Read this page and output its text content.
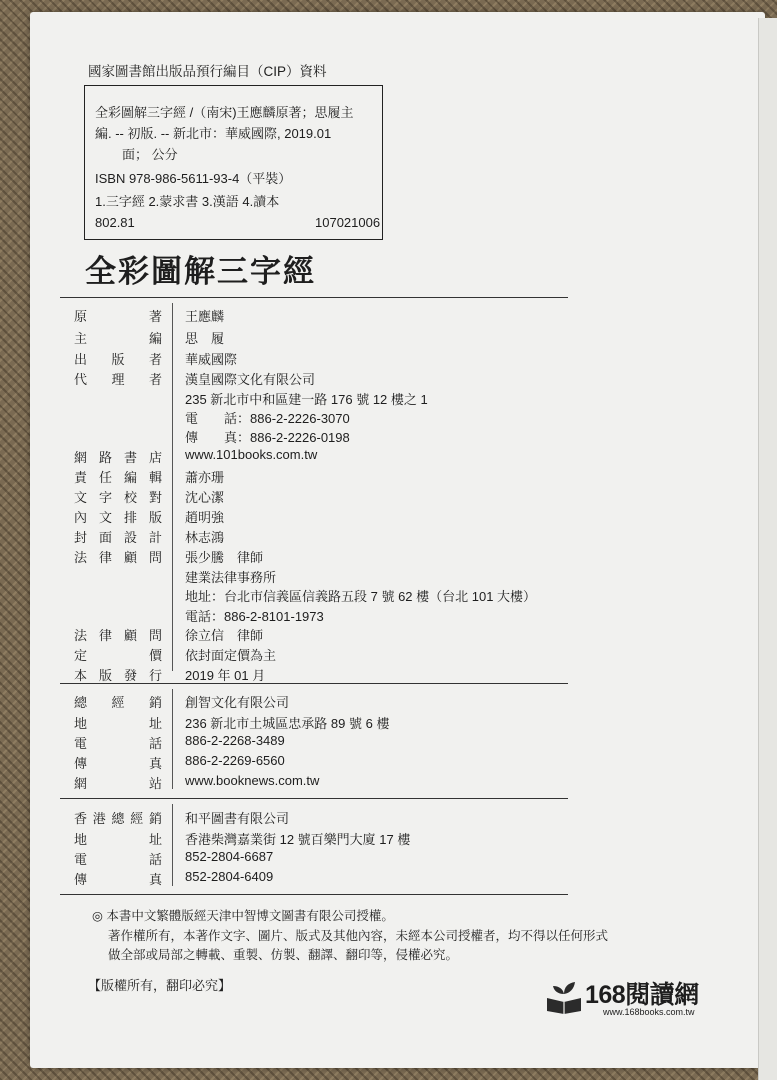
國家圖書館出版品預行編目（CIP）資料
全彩圖解三字經 /（南宋)王應麟原著；思履主
編. -- 初版. -- 新北市：華威國際, 2019.01
面； 公分
ISBN 978-986-5611-93-4（平裝）
1.三字經 2.蒙求書 3.漢語 4.讀本
802.81	107021006
全彩圖解三字經
原　著 王應麟
主　編 思　履
出版者 華威國際
代理者 漢皇國際文化有限公司
235 新北市中和區建一路 176 號 12 樓之 1
電　　話：886-2-2226-3070
傳　　真：886-2-2226-0198
網路書店 www.101books.com.tw
責任編輯 蕭亦珊
文字校對 沈心潔
內文排版 趙明強
封面設計 林志鴻
法律顧問 張少騰　律師
建業法律事務所
地址：台北市信義區信義路五段 7 號 62 樓（台北 101 大樓）
電話：886-2-8101-1973
法律顧問 徐立信　律師
定　價 依封面定價為主
本版發行 2019 年 01 月
總經銷 創智文化有限公司
地　址 236 新北市土城區忠承路 89 號 6 樓
電　話 886-2-2268-3489
傳　真 886-2-2269-6560
網　站 www.booknews.com.tw
香港總經銷 和平圖書有限公司
地　址 香港柴灣嘉業街 12 號百樂門大廈 17 樓
電　話 852-2804-6687
傳　真 852-2804-6409
◎ 本書中文繁體版經天津中智博文圖書有限公司授權。
著作權所有，本著作文字、圖片、版式及其他內容，未經本公司授權者，均不得以任何形式
做全部或局部之轉載、重製、仿製、翻譯、翻印等，侵權必究。
【版權所有，翻印必究】	168閱讀網
www.168books.com.tw
